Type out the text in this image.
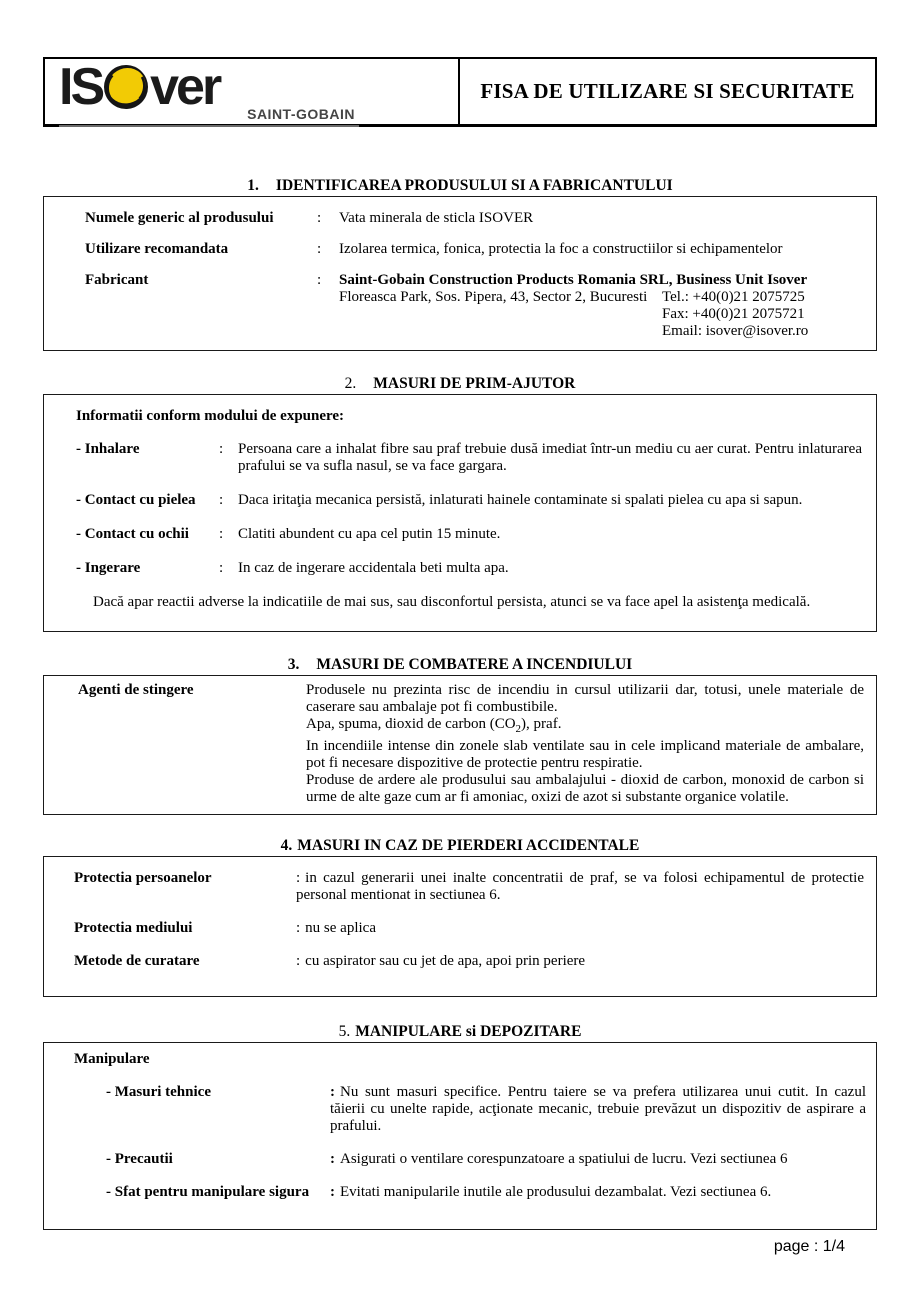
IS ver	SAINT-GOBAIN
FISA DE UTILIZARE SI SECURITATE
1. IDENTIFICAREA PRODUSULUI SI A FABRICANTULUI
Numele generic al produsului	:	Vata minerala de sticla ISOVER
Utilizare recomandata	:	Izolarea termica, fonica, protectia la foc a constructiilor si echipamentelor
Fabricant	:	Saint-Gobain Construction Products Romania SRL, Business Unit Isover
Floreasca Park, Sos. Pipera, 43, Sector 2, Bucuresti Tel.: +40(0)21 2075725
Fax: +40(0)21 2075721
Email: isover@isover.ro
2. MASURI DE PRIM-AJUTOR
Informatii conform modului de expunere:
- Inhalare	: Persoana care a inhalat fibre sau praf trebuie dusă imediat într-un mediu cu aer curat. Pentru inlaturarea prafului se va sufla nasul, se va face gargara.
- Contact cu pielea	: Daca iritaţia mecanica persistă, inlaturati hainele contaminate si spalati pielea cu apa si sapun.
- Contact cu ochii	: Clatiti abundent cu apa cel putin 15 minute.
- Ingerare	: In caz de ingerare accidentala beti multa apa.
Dacă apar reactii adverse la indicatiile de mai sus, sau disconfortul persista, atunci se va face apel la asistenţa medicală.
3. MASURI DE COMBATERE A INCENDIULUI
Agenti de stingere	Produsele nu prezinta risc de incendiu in cursul utilizarii dar, totusi, unele materiale de caserare sau ambalaje pot fi combustibile.
Apa, spuma, dioxid de carbon $(CO_2)$, praf.
In incendiile intense din zonele slab ventilate sau in cele implicand materiale de ambalare, pot fi necesare dispozitive de protectie pentru respiratie.
Produse de ardere ale produsului sau ambalajului - dioxid de carbon, monoxid de carbon si urme de alte gaze cum ar fi amoniac, oxizi de azot si substante organice volatile.
4. MASURI IN CAZ DE PIERDERI ACCIDENTALE
Protectia persoanelor	: in cazul generarii unei inalte concentratii de praf, se va folosi echipamentul de protectie personal mentionat in sectiunea 6.
Protectia mediului	: nu se aplica
Metode de curatare	: cu aspirator sau cu jet de apa, apoi prin periere
5. MANIPULARE si DEPOZITARE
Manipulare
- Masuri tehnice	: Nu sunt masuri specifice. Pentru taiere se va prefera utilizarea unui cutit. In cazul tăierii cu unelte rapide, acţionate mecanic, trebuie prevăzut un dispozitiv de aspirare a prafului.
- Precautii	: Asigurati o ventilare corespunzatoare a spatiului de lucru. Vezi sectiunea 6
- Sfat pentru manipulare sigura	: Evitati manipularile inutile ale produsului dezambalat. Vezi sectiunea 6.
page : 1/4
